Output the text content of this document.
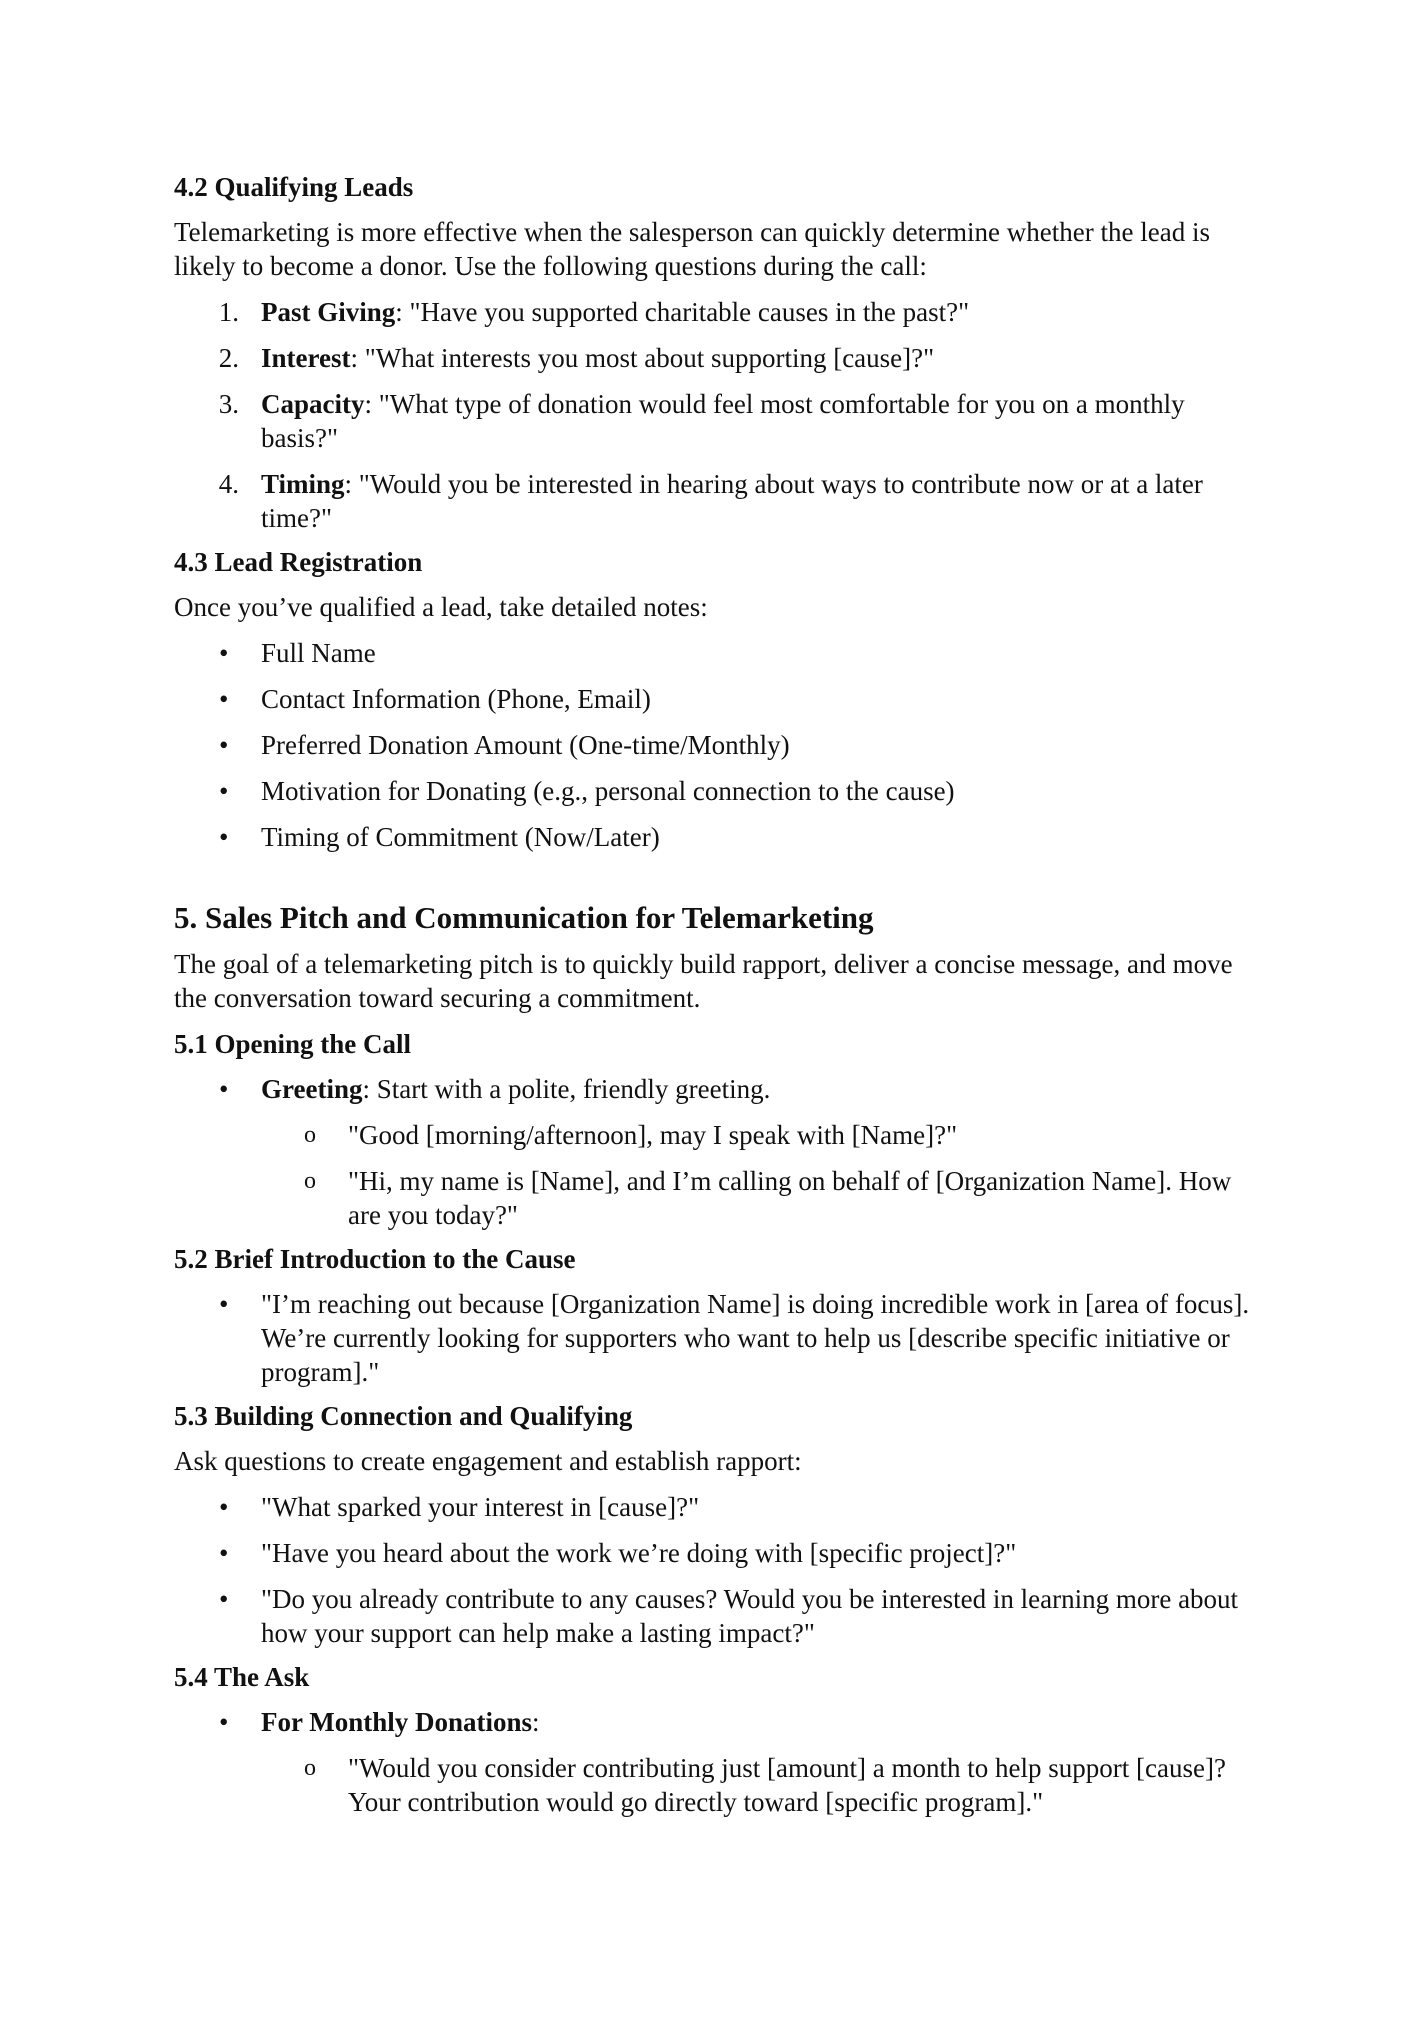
4.2 Qualifying Leads
Telemarketing is more effective when the salesperson can quickly determine whether the lead is likely to become a donor. Use the following questions during the call:
1. Past Giving: "Have you supported charitable causes in the past?"
2. Interest: "What interests you most about supporting [cause]?"
3. Capacity: "What type of donation would feel most comfortable for you on a monthly basis?"
4. Timing: "Would you be interested in hearing about ways to contribute now or at a later time?"
4.3 Lead Registration
Once you’ve qualified a lead, take detailed notes:
• Full Name
• Contact Information (Phone, Email)
• Preferred Donation Amount (One-time/Monthly)
• Motivation for Donating (e.g., personal connection to the cause)
• Timing of Commitment (Now/Later)
5. Sales Pitch and Communication for Telemarketing
The goal of a telemarketing pitch is to quickly build rapport, deliver a concise message, and move the conversation toward securing a commitment.
5.1 Opening the Call
• Greeting: Start with a polite, friendly greeting.
o "Good [morning/afternoon], may I speak with [Name]?"
o "Hi, my name is [Name], and I’m calling on behalf of [Organization Name]. How are you today?"
5.2 Brief Introduction to the Cause
• "I’m reaching out because [Organization Name] is doing incredible work in [area of focus]. We’re currently looking for supporters who want to help us [describe specific initiative or program]."
5.3 Building Connection and Qualifying
Ask questions to create engagement and establish rapport:
• "What sparked your interest in [cause]?"
• "Have you heard about the work we’re doing with [specific project]?"
• "Do you already contribute to any causes? Would you be interested in learning more about how your support can help make a lasting impact?"
5.4 The Ask
• For Monthly Donations:
o "Would you consider contributing just [amount] a month to help support [cause]? Your contribution would go directly toward [specific program]."
